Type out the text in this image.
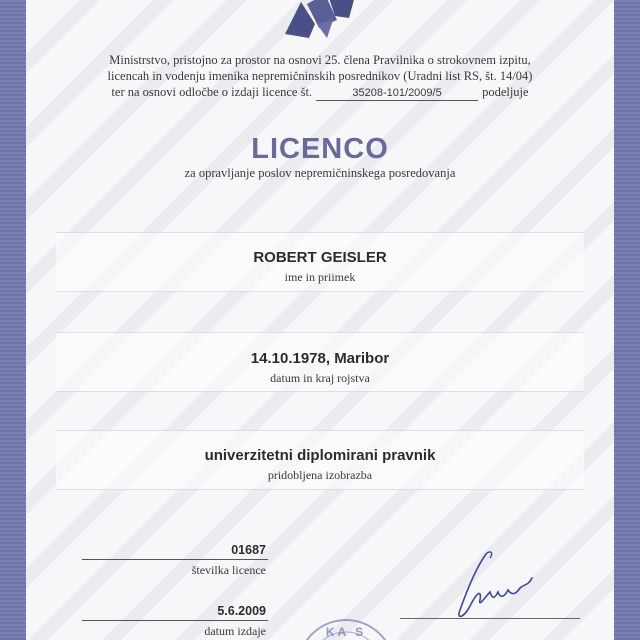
Ministrstvo, pristojno za prostor na osnovi 25. člena Pravilnika o strokovnem izpitu,
licencah in vodenju imenika nepremičninskih posrednikov (Uradni list RS, št. 14/04)
ter na osnovi odločbe o izdaji licence št.	35208-101/2009/5	podeljuje
LICENCO
za opravljanje poslov nepremičninskega posredovanja
ROBERT GEISLER
ime in priimek
14.10.1978, Maribor
datum in kraj rojstva
univerzitetni diplomirani pravnik
pridobljena izobrazba
01687
številka licence
5.6.2009
datum izdaje	KA S
